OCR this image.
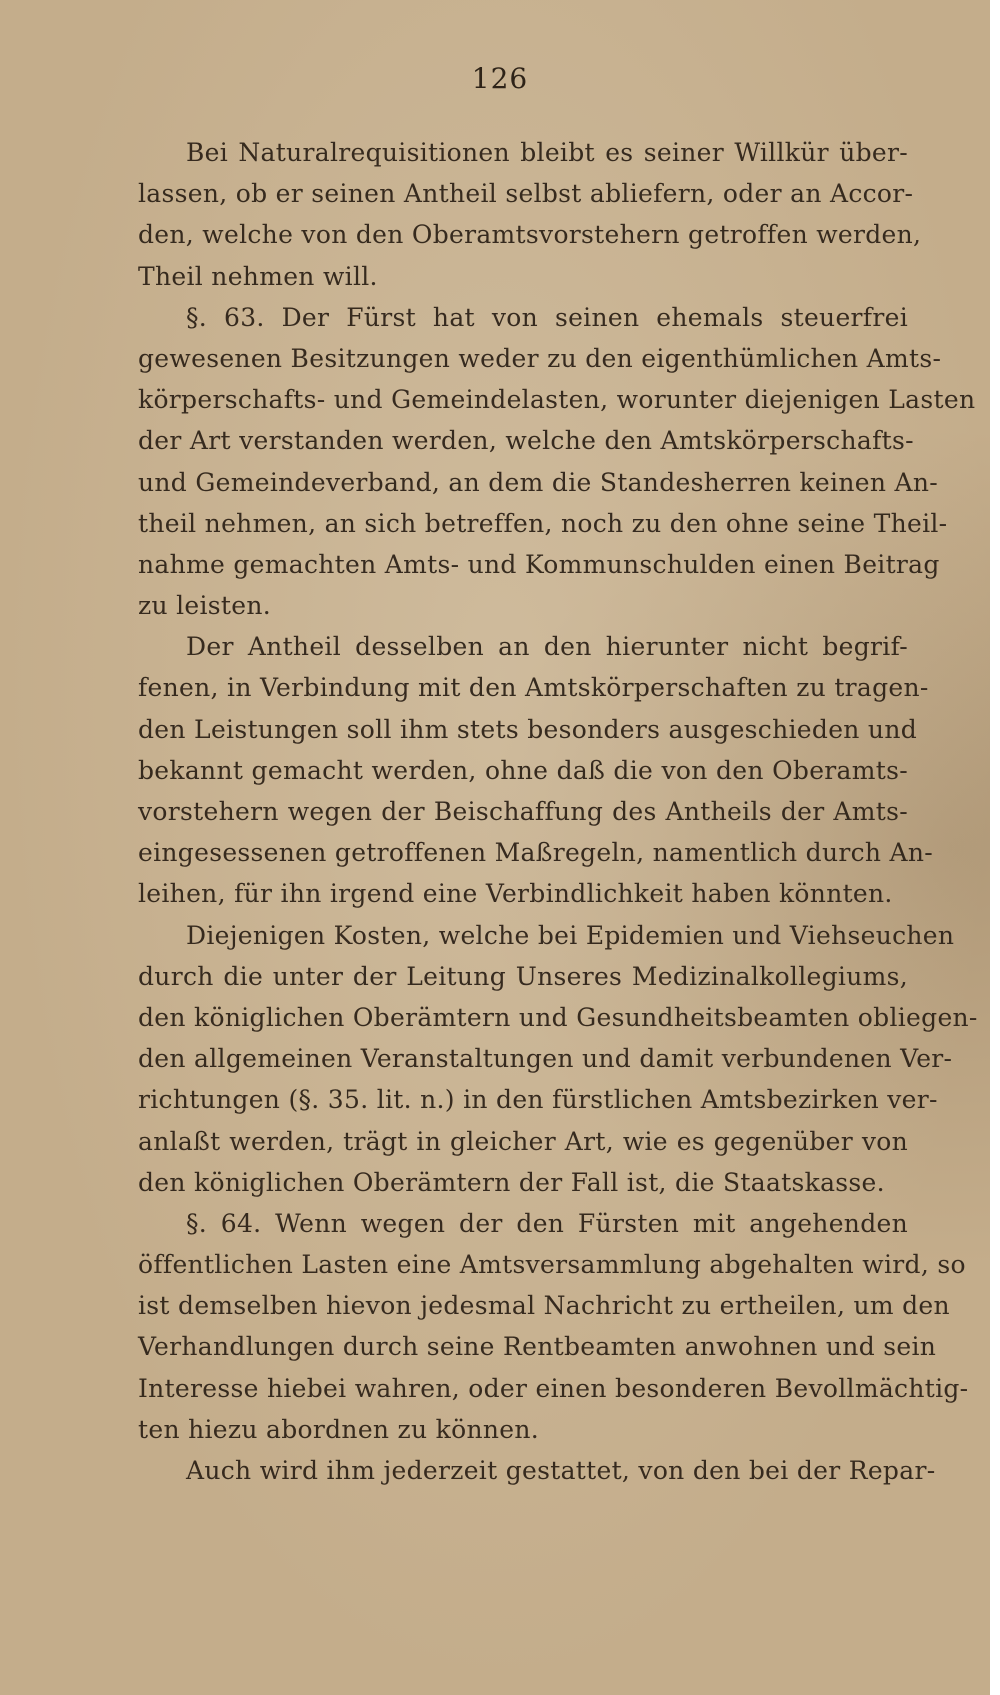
126
Bei Naturalrequisitionen bleibt es seiner Willkür über-
lassen, ob er seinen Antheil selbst abliefern, oder an Accor-
den, welche von den Oberamtsvorstehern getroffen werden,
Theil nehmen will.
§. 63. Der Fürst hat von seinen ehemals steuerfrei
gewesenen Besitzungen weder zu den eigenthümlichen Amts-
körperschafts- und Gemeindelasten, worunter diejenigen Lasten
der Art verstanden werden, welche den Amtskörperschafts-
und Gemeindeverband, an dem die Standesherren keinen An-
theil nehmen, an sich betreffen, noch zu den ohne seine Theil-
nahme gemachten Amts- und Kommunschulden einen Beitrag
zu leisten.
Der Antheil desselben an den hierunter nicht begrif-
fenen, in Verbindung mit den Amtskörperschaften zu tragen-
den Leistungen soll ihm stets besonders ausgeschieden und
bekannt gemacht werden, ohne daß die von den Oberamts-
vorstehern wegen der Beischaffung des Antheils der Amts-
eingesessenen getroffenen Maßregeln, namentlich durch An-
leihen, für ihn irgend eine Verbindlichkeit haben könnten.
Diejenigen Kosten, welche bei Epidemien und Viehseuchen
durch die unter der Leitung Unseres Medizinalkollegiums,
den königlichen Oberämtern und Gesundheitsbeamten obliegen-
den allgemeinen Veranstaltungen und damit verbundenen Ver-
richtungen (§. 35. lit. n.) in den fürstlichen Amtsbezirken ver-
anlaßt werden, trägt in gleicher Art, wie es gegenüber von
den königlichen Oberämtern der Fall ist, die Staatskasse.
§. 64. Wenn wegen der den Fürsten mit angehenden
öffentlichen Lasten eine Amtsversammlung abgehalten wird, so
ist demselben hievon jedesmal Nachricht zu ertheilen, um den
Verhandlungen durch seine Rentbeamten anwohnen und sein
Interesse hiebei wahren, oder einen besonderen Bevollmächtig-
ten hiezu abordnen zu können.
Auch wird ihm jederzeit gestattet, von den bei der Repar-
